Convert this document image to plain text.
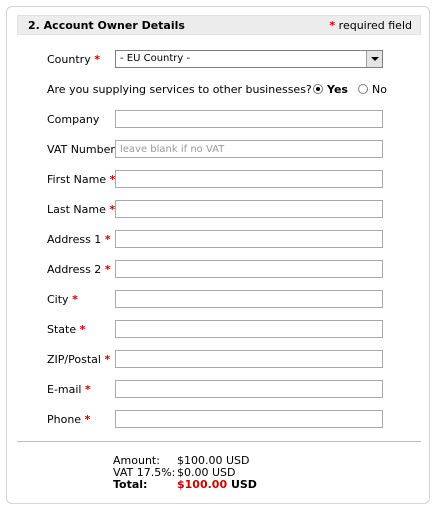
2. Account Owner Details	* required field
Country * - EU Country -
Are you supplying services to other businesses?	Yes No
Company
VAT Number
leave blank if no VAT
First Name *
Last Name *
Address 1 *
Address 2 *
City *
State *
ZIP/Postal *
E-mail *
Phone *
Amount: $100.00 USD
VAT 17.5%: $0.00 USD
Total:	$100.00 USD
